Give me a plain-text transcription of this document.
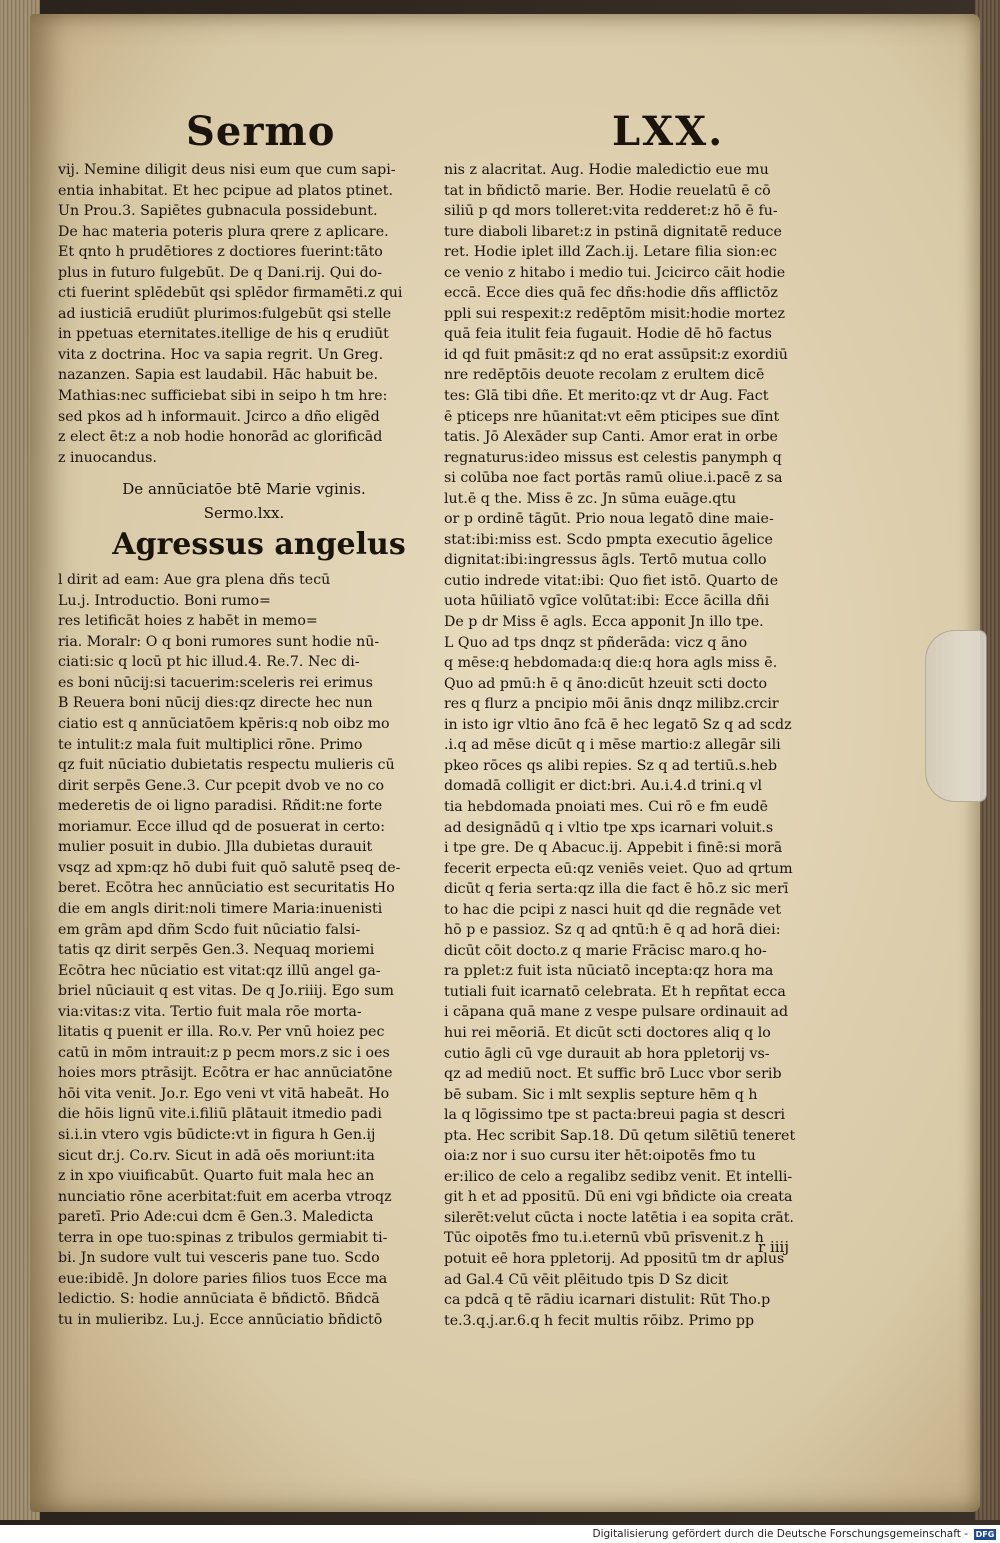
Sermo	LXX.
vij. Nemine diligit deus nisi eum que cum sapi-
entia inhabitat. Et hec pcipue ad platos ptinet.
Un Prou.3. Sapiētes gubnacula possidebunt.
De hac materia poteris plura qrere z aplicare.
Et qnto h prudētiores z doctiores fuerint:tāto
plus in futuro fulgebūt. De q Dani.rij. Qui do-
cti fuerint splēdebūt qsi splēdor firmamēti.z qui
ad iusticiā erudiūt plurimos:fulgebūt qsi stelle
in ppetuas eternitates.itellige de his q erudiūt
vita z doctrina. Hoc va sapia regrit. Un Greg.
nazanzen. Sapia est laudabil. Hāc habuit be.
Mathias:nec sufficiebat sibi in seipo h tm hre:
sed pkos ad h informauit. Jcirco a dño eligēd
z elect ēt:z a nob hodie honorād ac glorificād
z inuocandus.
De annūciatōe btē Marie vginis.
Sermo.lxx.
Agressus angelus
l dirit ad eam: Aue gra plena dñs tecū
Lu.j. Introductio. Boni rumo=
res letificāt hoies z habēt in memo=
ria. Moralr: O q boni rumores sunt hodie nū-
ciati:sic q locū pt hic illud.4. Re.7. Nec di-
es boni nūcij:si tacuerim:sceleris rei erimus
B Reuera boni nūcij dies:qz directe hec nun
ciatio est q annūciatōem kpēris:q nob oibz mo
te intulit:z mala fuit multiplici rōne. Primo
qz fuit nūciatio dubietatis respectu mulieris cū
dirit serpēs Gene.3. Cur pcepit dvob ve no co
mederetis de oi ligno paradisi. Rñdit:ne forte
moriamur. Ecce illud qd de posuerat in certo:
mulier posuit in dubio. Jlla dubietas durauit
vsqz ad xpm:qz hō dubi fuit quō salutē pseq de-
beret. Ecōtra hec annūciatio est securitatis Ho
die em angls dirit:noli timere Maria:inuenisti
em grām apd dñm Scdo fuit nūciatio falsi-
tatis qz dirit serpēs Gen.3. Nequaq moriemi
Ecōtra hec nūciatio est vitat:qz illū angel ga-
briel nūciauit q est vitas. De q Jo.riiij. Ego sum
via:vitas:z vita. Tertio fuit mala rōe morta-
litatis q puenit er illa. Ro.v. Per vnū hoiez pec
catū in mōm intrauit:z p pecm mors.z sic i oes
hoies mors ptrāsijt. Ecōtra er hac annūciatōne
hōi vita venit. Jo.r. Ego veni vt vitā habeāt. Ho
die hōis lignū vite.i.filiū plātauit itmedio padi
si.i.in vtero vgis būdicte:vt in figura h Gen.ij
sicut dr.j. Co.rv. Sicut in adā oēs moriunt:ita
z in xpo viuificabūt. Quarto fuit mala hec an
nunciatio rōne acerbitat:fuit em acerba vtroqz
paretī. Prio Ade:cui dcm ē Gen.3. Maledicta
terra in ope tuo:spinas z tribulos germiabit ti-
bi. Jn sudore vult tui vesceris pane tuo. Scdo
eue:ibidē. Jn dolore paries filios tuos Ecce ma
ledictio. S: hodie annūciata ē bñdictō. Bñdcā
tu in mulieribz. Lu.j. Ecce annūciatio bñdictō
nis z alacritat. Aug. Hodie maledictio eue mu
tat in bñdictō marie. Ber. Hodie reuelatū ē cō
siliū p qd mors tolleret:vita redderet:z hō ē fu-
ture diaboli libaret:z in pstinā dignitatē reduce
ret. Hodie iplet illd Zach.ij. Letare filia sion:ec
ce venio z hitabo i medio tui. Jcicirco cāit hodie
eccā. Ecce dies quā fec dñs:hodie dñs afflictōz
ppli sui respexit:z redēptōm misit:hodie mortez
quā feia itulit feia fugauit. Hodie dē hō factus
id qd fuit pmāsit:z qd no erat assūpsit:z exordiū
nre redēptōis deuote recolam z erultem dicē
tes: Glā tibi dñe. Et merito:qz vt dr Aug. Fact
ē pticeps nre hūanitat:vt eēm pticipes sue dīnt
tatis. Jō Alexāder sup Canti. Amor erat in orbe
regnaturus:ideo missus est celestis panymph q
si colūba noe fact portās ramū oliue.i.pacē z sa
lut.ē q the. Miss ē zc. Jn sūma euāge.qtu
or p ordinē tāgūt. Prio noua legatō dine maie-
stat:ibi:miss est. Scdo pmpta executio āgelice
dignitat:ibi:ingressus āgls. Tertō mutua collo
cutio indrede vitat:ibi: Quo fiet istō. Quarto de
uota hūiliatō vgīce volūtat:ibi: Ecce ācilla dñi
De p dr Miss ē agls. Ecca apponit Jn illo tpe.
L Quo ad tps dnqz st pñderāda: vicz q āno
q mēse:q hebdomada:q die:q hora agls miss ē.
Quo ad pmū:h ē q āno:dicūt hzeuit scti docto
res q flurz a pncipio mōi ānis dnqz milibz.crcir
in isto igr vltio āno fcā ē hec legatō Sz q ad scdz
.i.q ad mēse dicūt q i mēse martio:z allegār sili
pkeo rōces qs alibi repies. Sz q ad tertiū.s.heb
domadā colligit er dict:bri. Au.i.4.d trini.q vl
tia hebdomada pnoiati mes. Cui rō e fm eudē
ad designādū q i vltio tpe xps icarnari voluit.s
i tpe gre. De q Abacuc.ij. Appebit i finē:si morā
fecerit erpecta eū:qz veniēs veiet. Quo ad qrtum
dicūt q feria serta:qz illa die fact ē hō.z sic merī
to hac die pcipi z nasci huit qd die regnāde vet
hō p e passioz. Sz q ad qntū:h ē q ad horā diei:
dicūt cōit docto.z q marie Frācisc maro.q ho-
ra pplet:z fuit ista nūciatō incepta:qz hora ma
tutiali fuit icarnatō celebrata. Et h repñtat ecca
i cāpana quā mane z vespe pulsare ordinauit ad
hui rei mēoriā. Et dicūt scti doctores aliq q lo
cutio āgli cū vge durauit ab hora ppletorij vs-
qz ad mediū noct. Et suffic brō Lucc vbor serib
bē subam. Sic i mlt sexplis septure hēm q h
la q lōgissimo tpe st pacta:breui pagia st descri
pta. Hec scribit Sap.18. Dū qetum silētiū teneret
oia:z nor i suo cursu iter hēt:oipotēs fmo tu
er:ilico de celo a regalibz sedibz venit. Et intelli-
git h et ad ppositū. Dū eni vgi bñdicte oia creata
silerēt:velut cūcta i nocte latētia i ea sopita crāt.
Tūc oipotēs fmo tu.i.eternū vbū prīsvenit.z h
potuit eē hora ppletorij. Ad ppositū tm dr aplus
ad Gal.4 Cū vēit plēitudo tpis D Sz dicit
ca pdcā q tē rādiu icarnari distulit: Rūt Tho.p
te.3.q.j.ar.6.q h fecit multis rōibz. Primo pp
r iiij
Digitalisierung gefördert durch die Deutsche Forschungsgemeinschaft - DFG
